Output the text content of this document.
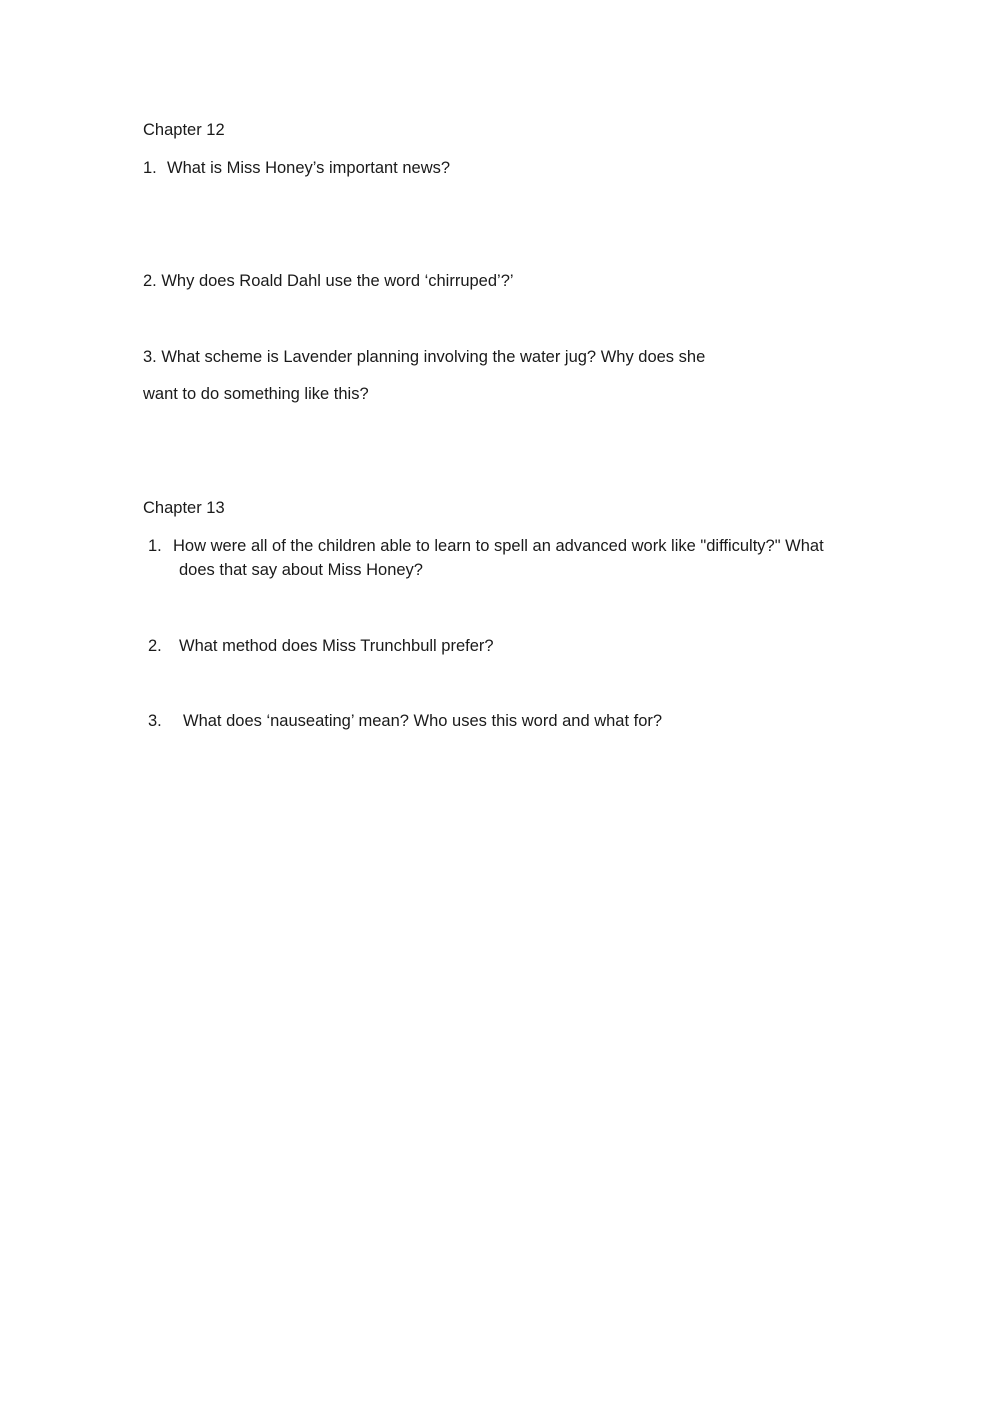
Chapter 12
1. What is Miss Honey’s important news?
2. Why does Roald Dahl use the word ‘chirruped’?’
3. What scheme is Lavender planning involving the water jug? Why does she
want to do something like this?
Chapter 13
1. How were all of the children able to learn to spell an advanced work like "difficulty?" What
does that say about Miss Honey?
2. What method does Miss Trunchbull prefer?
3. What does ‘nauseating’ mean? Who uses this word and what for?
